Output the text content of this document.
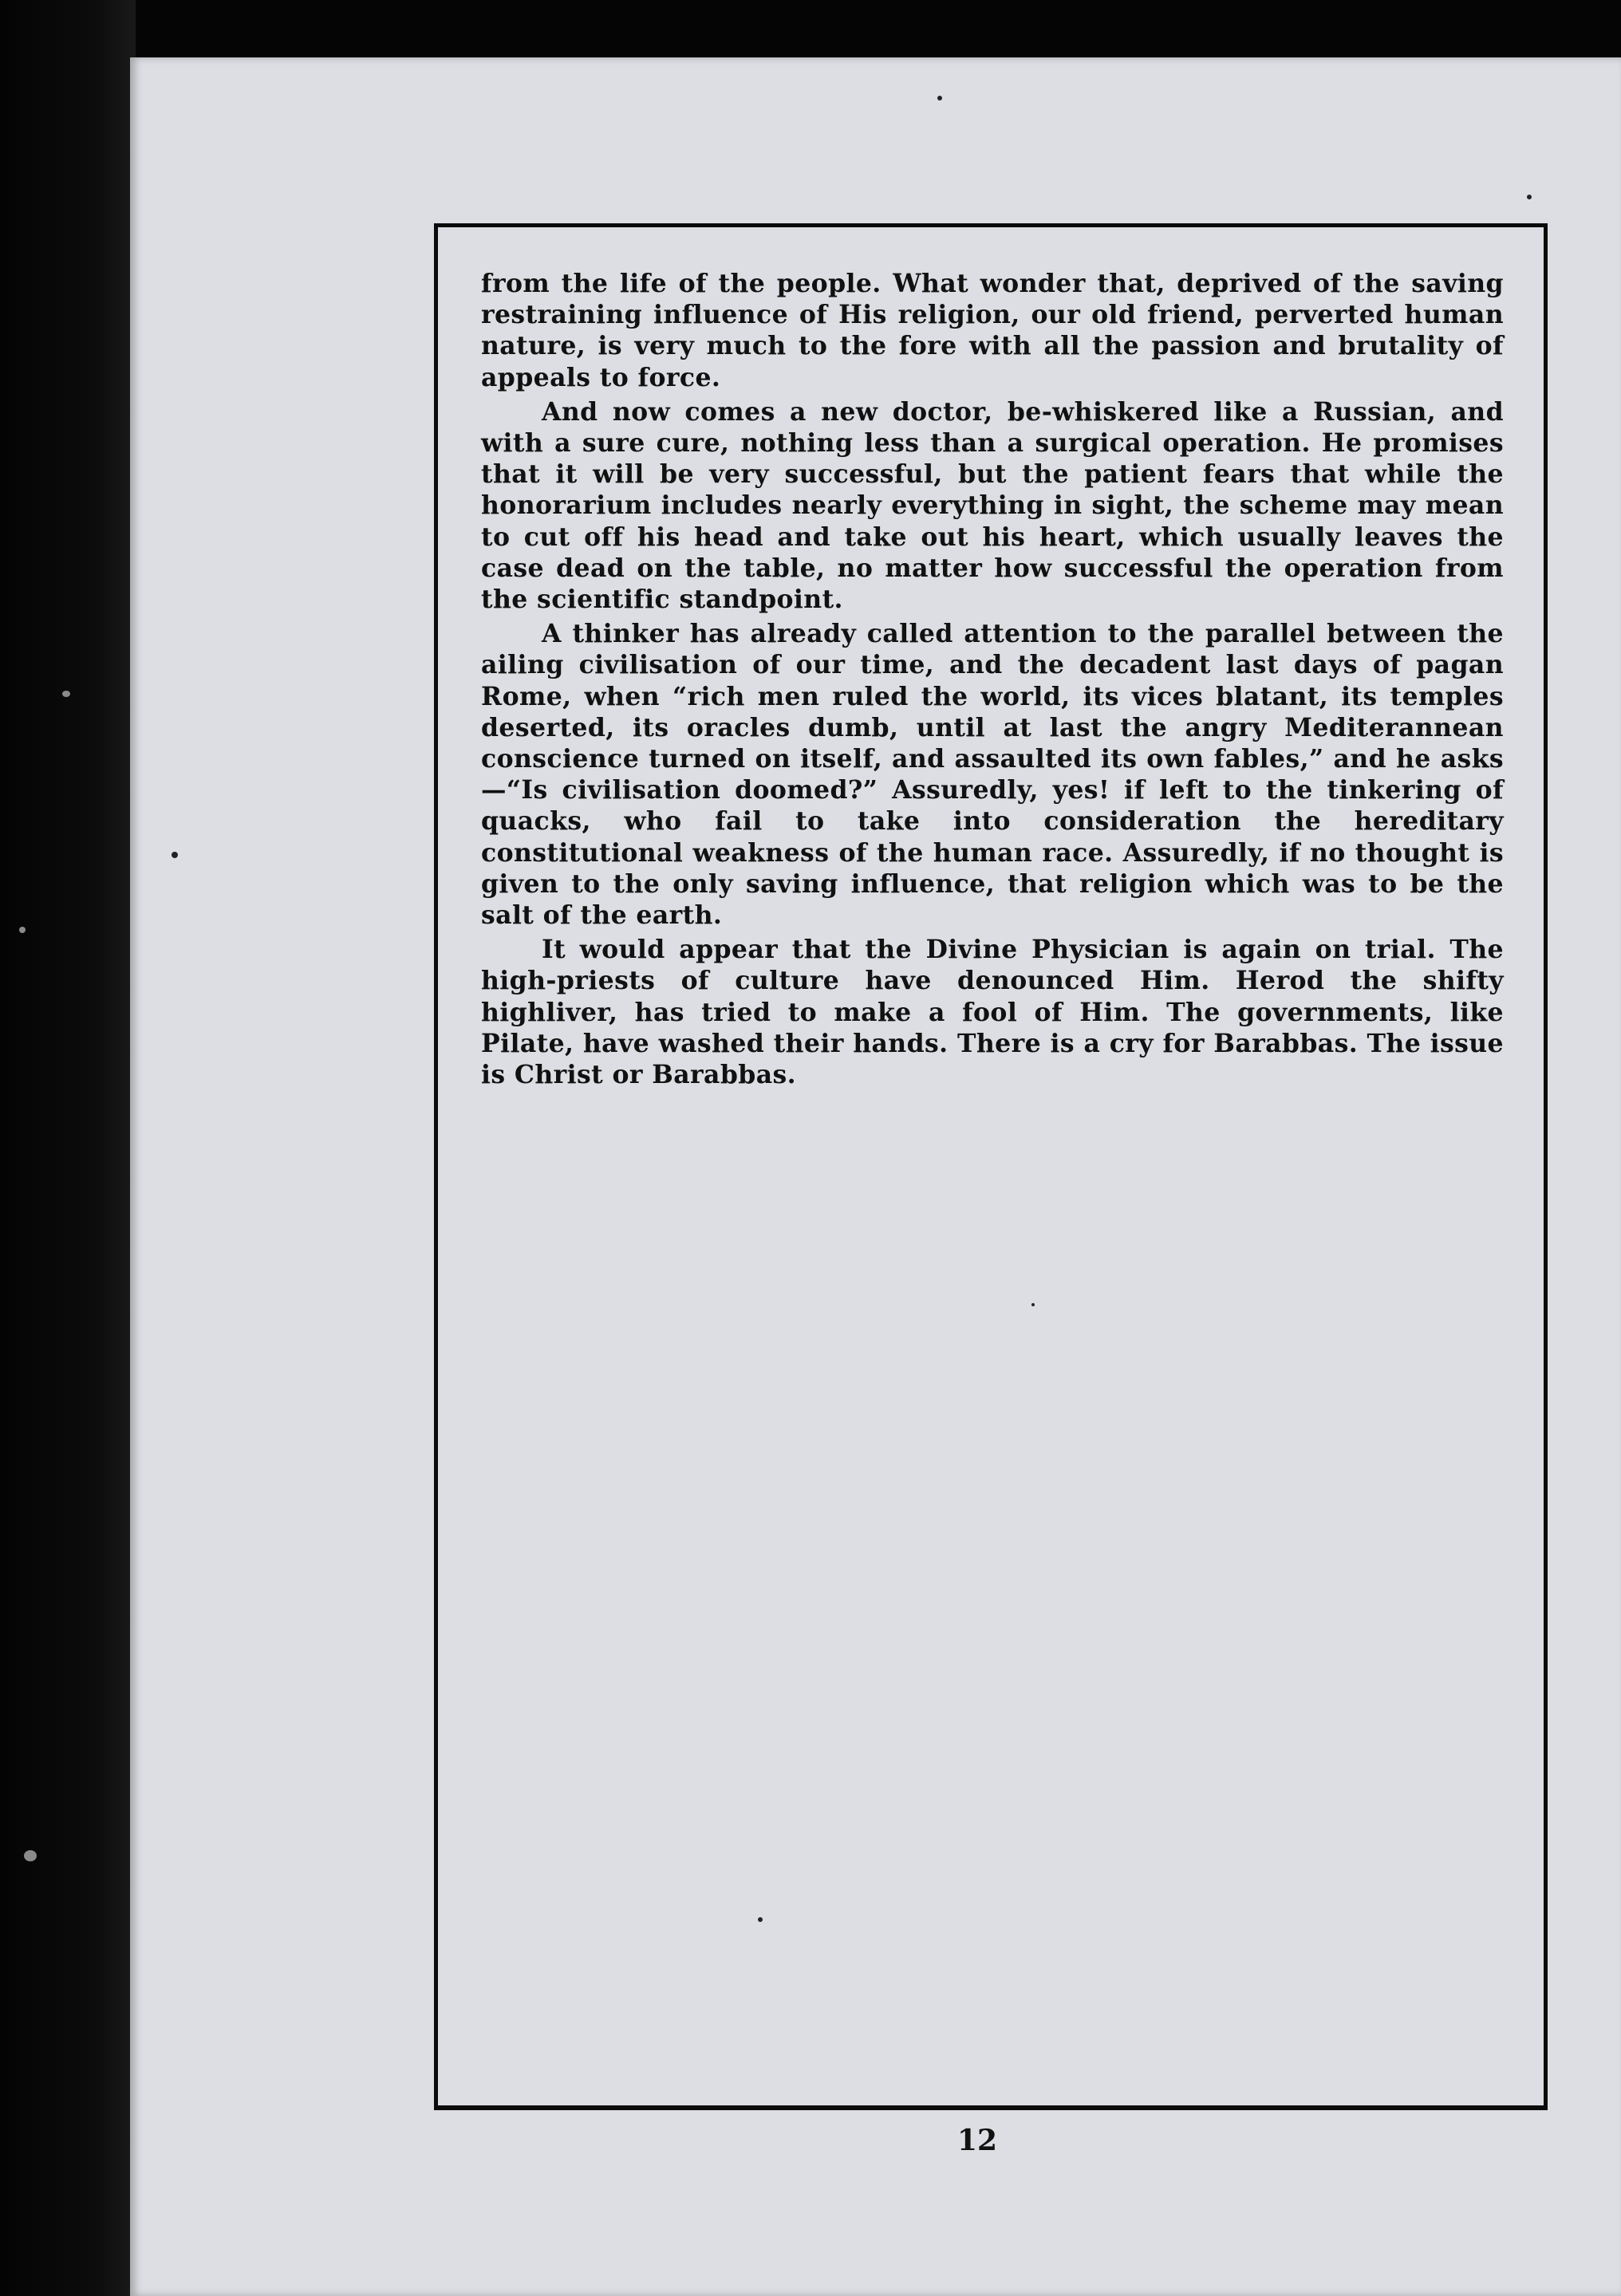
from the life of the people. What wonder that, deprived of the saving restraining influence of His religion, our old friend, perverted human nature, is very much to the fore with all the passion and brutality of appeals to force.

And now comes a new doctor, be-whiskered like a Russian, and with a sure cure, nothing less than a surgical operation. He promises that it will be very successful, but the patient fears that while the honorarium includes nearly everything in sight, the scheme may mean to cut off his head and take out his heart, which usually leaves the case dead on the table, no matter how successful the operation from the scientific standpoint.

A thinker has already called attention to the parallel between the ailing civilisation of our time, and the decadent last days of pagan Rome, when “rich men ruled the world, its vices blatant, its temples deserted, its oracles dumb, until at last the angry Mediterannean conscience turned on itself, and assaulted its own fables,” and he asks—“Is civilisation doomed?” Assuredly, yes! if left to the tinkering of quacks, who fail to take into consideration the hereditary constitutional weakness of the human race. Assuredly, if no thought is given to the only saving influence, that religion which was to be the salt of the earth.

It would appear that the Divine Physician is again on trial. The high-priests of culture have denounced Him. Herod the shifty highliver, has tried to make a fool of Him. The governments, like Pilate, have washed their hands. There is a cry for Barabbas. The issue is Christ or Barabbas.

12
